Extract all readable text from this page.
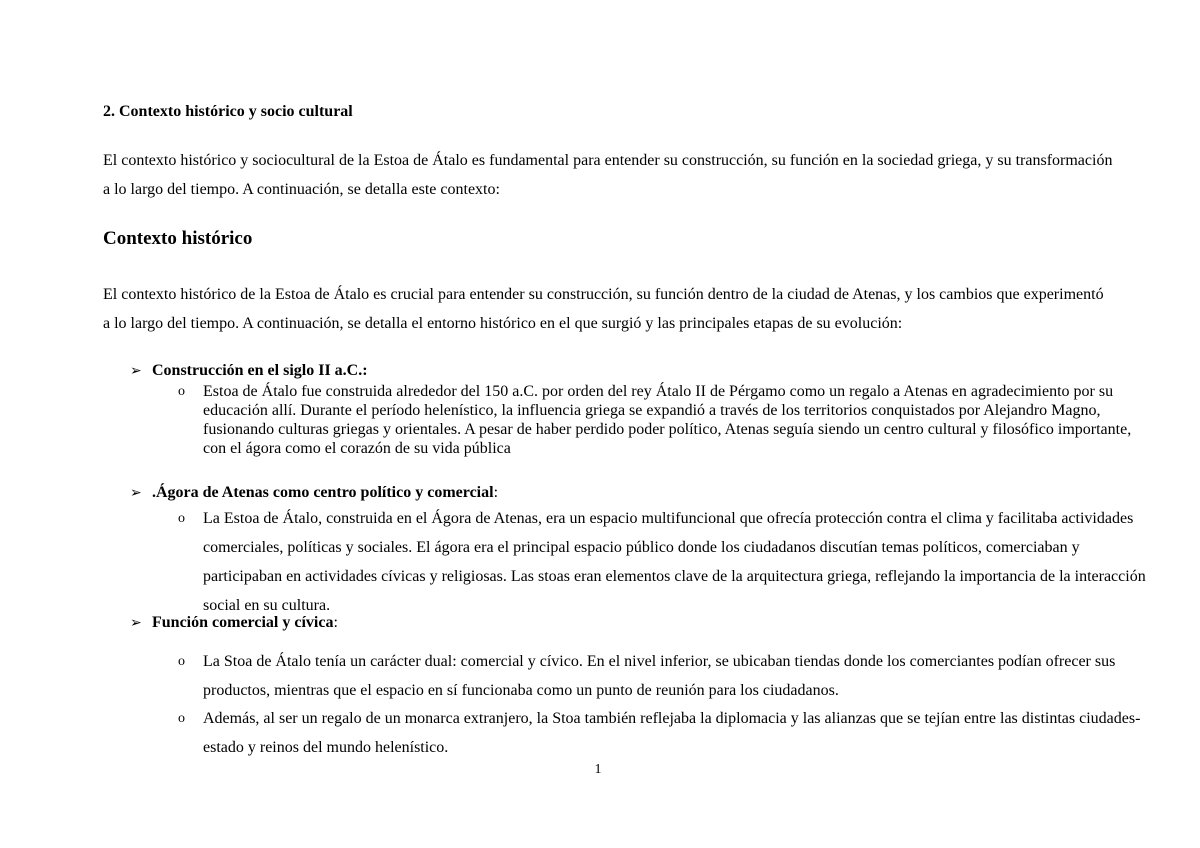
2. Contexto histórico y socio cultural

El contexto histórico y sociocultural de la Estoa de Átalo es fundamental para entender su construcción, su función en la sociedad griega, y su transformación a lo largo del tiempo. A continuación, se detalla este contexto:

Contexto histórico

El contexto histórico de la Estoa de Átalo es crucial para entender su construcción, su función dentro de la ciudad de Atenas, y los cambios que experimentó a lo largo del tiempo. A continuación, se detalla el entorno histórico en el que surgió y las principales etapas de su evolución:

➢ Construcción en el siglo II a.C.:
o	Estoa de Átalo fue construida alrededor del 150 a.C. por orden del rey Átalo II de Pérgamo como un regalo a Atenas en agradecimiento por su educación allí. Durante el período helenístico, la influencia griega se expandió a través de los territorios conquistados por Alejandro Magno, fusionando culturas griegas y orientales. A pesar de haber perdido poder político, Atenas seguía siendo un centro cultural y filosófico importante, con el ágora como el corazón de su vida pública
➢ .Ágora de Atenas como centro político y comercial:
o	La Estoa de Átalo, construida en el Ágora de Atenas, era un espacio multifuncional que ofrecía protección contra el clima y facilitaba actividades comerciales, políticas y sociales. El ágora era el principal espacio público donde los ciudadanos discutían temas políticos, comerciaban y participaban en actividades cívicas y religiosas. Las stoas eran elementos clave de la arquitectura griega, reflejando la importancia de la interacción social en su cultura.
➢ Función comercial y cívica:
o	La Stoa de Átalo tenía un carácter dual: comercial y cívico. En el nivel inferior, se ubicaban tiendas donde los comerciantes podían ofrecer sus productos, mientras que el espacio en sí funcionaba como un punto de reunión para los ciudadanos.
o	Además, al ser un regalo de un monarca extranjero, la Stoa también reflejaba la diplomacia y las alianzas que se tejían entre las distintas ciudades-estado y reinos del mundo helenístico.
1
